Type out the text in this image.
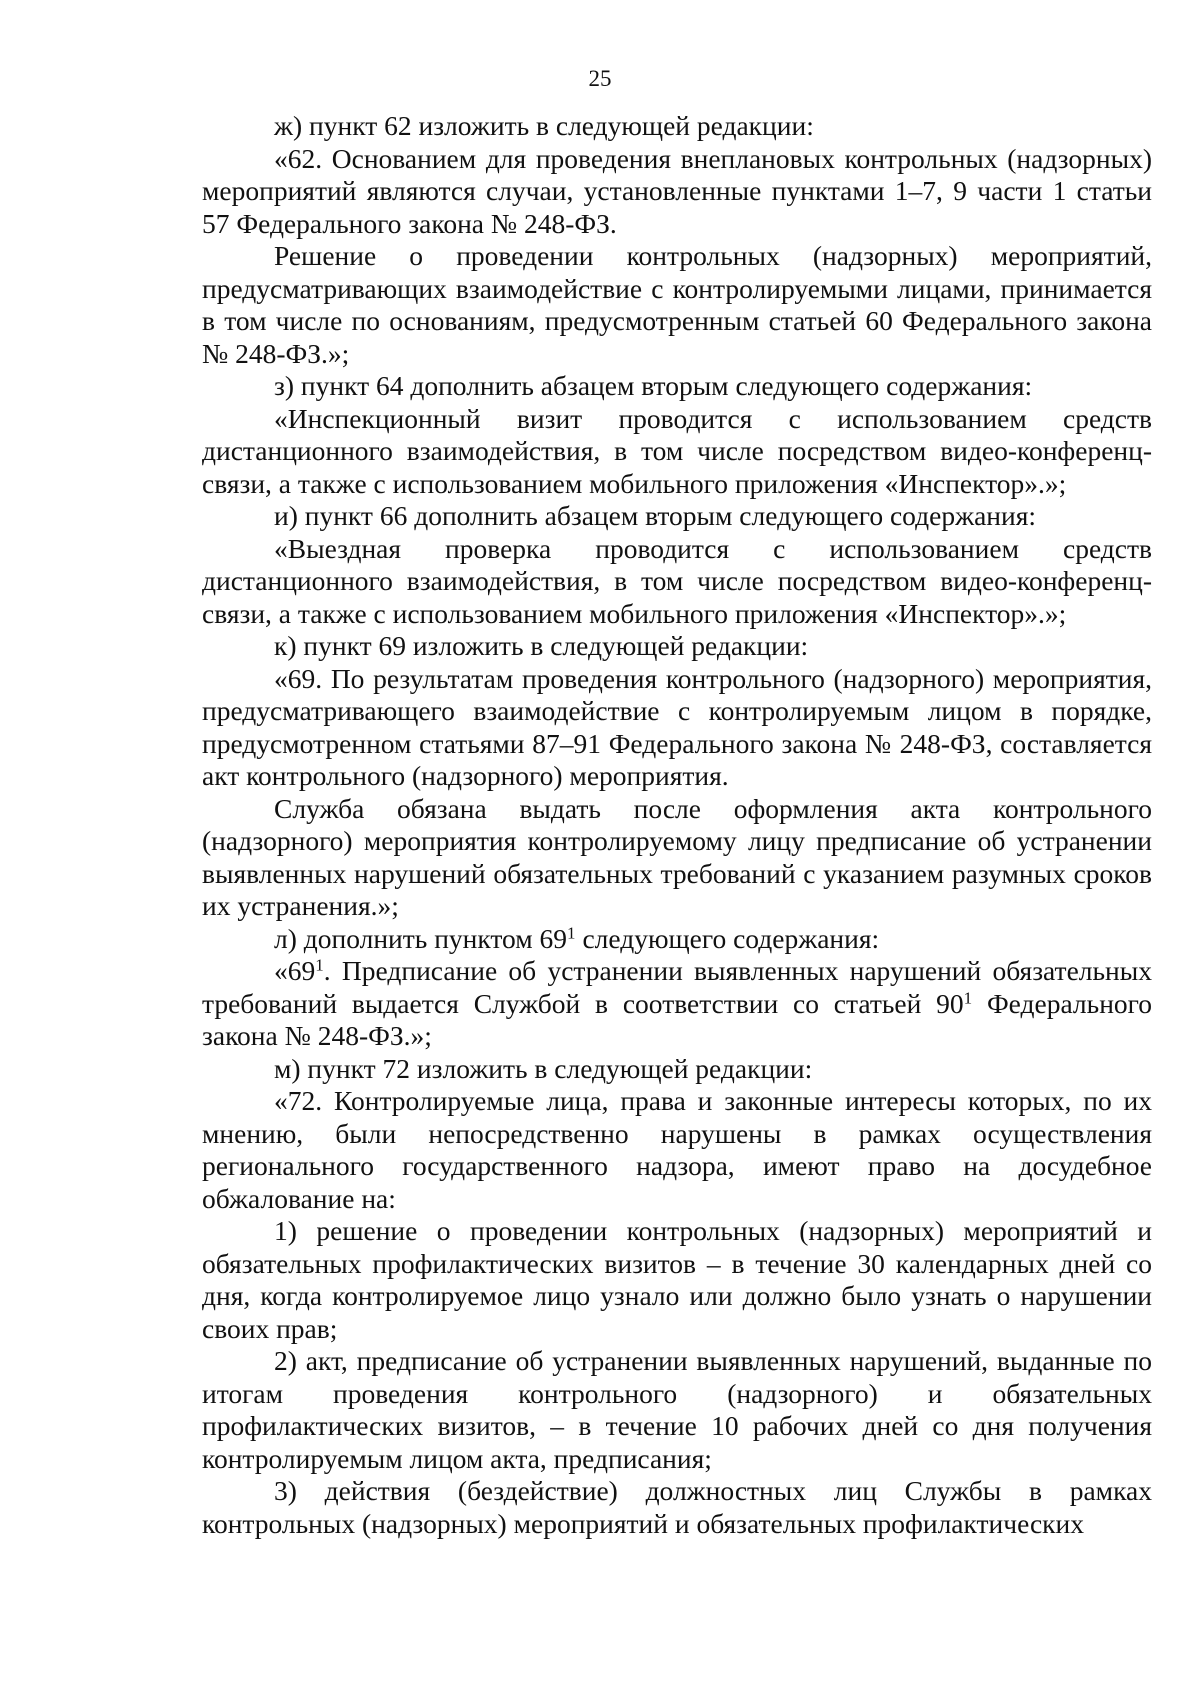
25

ж) пункт 62 изложить в следующей редакции:

«62. Основанием для проведения внеплановых контрольных (надзорных) мероприятий являются случаи, установленные пунктами 1–7, 9 части 1 статьи 57 Федерального закона № 248-ФЗ.

Решение о проведении контрольных (надзорных) мероприятий, предусматривающих взаимодействие с контролируемыми лицами, принимается в том числе по основаниям, предусмотренным статьей 60 Федерального закона № 248-ФЗ.»;

з) пункт 64 дополнить абзацем вторым следующего содержания:

«Инспекционный визит проводится с использованием средств дистанционного взаимодействия, в том числе посредством видео-конференц-связи, а также с использованием мобильного приложения «Инспектор».»;

и) пункт 66 дополнить абзацем вторым следующего содержания:

«Выездная проверка проводится с использованием средств дистанционного взаимодействия, в том числе посредством видео-конференц-связи, а также с использованием мобильного приложения «Инспектор».»;

к) пункт 69 изложить в следующей редакции:

«69. По результатам проведения контрольного (надзорного) мероприятия, предусматривающего взаимодействие с контролируемым лицом в порядке, предусмотренном статьями 87–91 Федерального закона № 248-ФЗ, составляется акт контрольного (надзорного) мероприятия.

Служба обязана выдать после оформления акта контрольного (надзорного) мероприятия контролируемому лицу предписание об устранении выявленных нарушений обязательных требований с указанием разумных сроков их устранения.»;

л) дополнить пунктом $69^1$ следующего содержания:

«$69^1$. Предписание об устранении выявленных нарушений обязательных требований выдается Службой в соответствии со статьей $90^1$ Федерального закона № 248-ФЗ.»;

м) пункт 72 изложить в следующей редакции:

«72. Контролируемые лица, права и законные интересы которых, по их мнению, были непосредственно нарушены в рамках осуществления регионального государственного надзора, имеют право на досудебное обжалование на:

1) решение о проведении контрольных (надзорных) мероприятий и обязательных профилактических визитов – в течение 30 календарных дней со дня, когда контролируемое лицо узнало или должно было узнать о нарушении своих прав;

2) акт, предписание об устранении выявленных нарушений, выданные по итогам проведения контрольного (надзорного) и обязательных профилактических визитов, – в течение 10 рабочих дней со дня получения контролируемым лицом акта, предписания;

3) действия (бездействие) должностных лиц Службы в рамках контрольных (надзорных) мероприятий и обязательных профилактических
